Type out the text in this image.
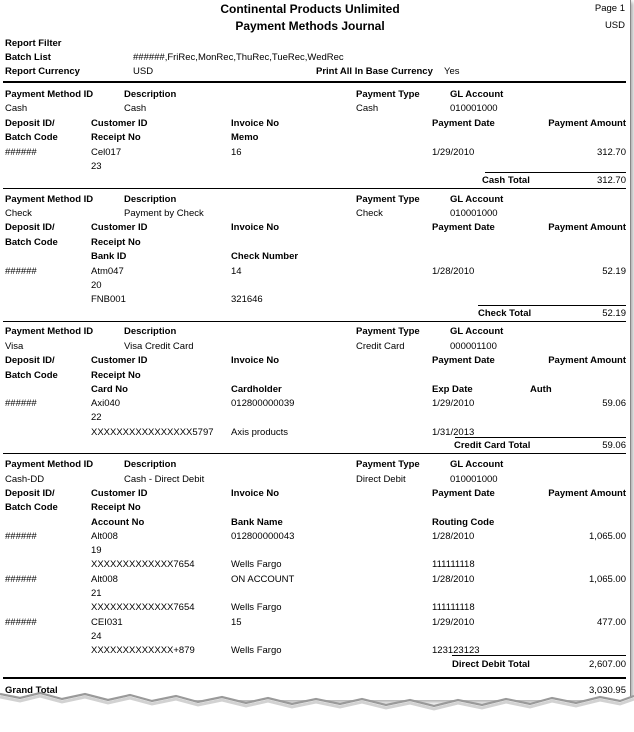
Continental Products Unlimited
Payment Methods Journal
Page 1
USD
Report Filter
Batch List	######,FriRec,MonRec,ThuRec,TueRec,WedRec
Report Currency	USD	Print All In Base Currency Yes
Payment Method ID	Description	Payment Type	GL Account
Cash	Cash	Cash	010001000
Deposit ID/	Customer ID	Invoice No	Payment Date	Payment Amount
Batch Code	Receipt No	Memo
######	Cel017	16	1/29/2010	312.70
23
Cash Total	312.70
Payment Method ID	Description	Payment Type	GL Account
Check	Payment by Check	Check	010001000
Deposit ID/	Customer ID	Invoice No	Payment Date	Payment Amount
Batch Code	Receipt No
Bank ID	Check Number
######	Atm047	14	1/28/2010	52.19
20
FNB001	321646
Check Total	52.19
Payment Method ID	Description	Payment Type	GL Account
Visa	Visa Credit Card	Credit Card	000001100
Deposit ID/	Customer ID	Invoice No	Payment Date	Payment Amount
Batch Code	Receipt No
Card No	Cardholder	Exp Date	Auth
######	Axi040	012800000039	1/29/2010	59.06
22
XXXXXXXXXXXXXXXX5797 Axis products	1/31/2013
Credit Card Total	59.06
Payment Method ID	Description	Payment Type	GL Account
Cash-DD	Cash - Direct Debit	Direct Debit	010001000
Deposit ID/	Customer ID	Invoice No	Payment Date	Payment Amount
Batch Code	Receipt No
Account No	Bank Name	Routing Code
######	Alt008	012800000043	1/28/2010	1,065.00
19
XXXXXXXXXXXXX7654	Wells Fargo	111111118
######	Alt008	ON ACCOUNT	1/28/2010	1,065.00
21
XXXXXXXXXXXXX7654	Wells Fargo	111111118
######	CEI031	15	1/29/2010	477.00
24
XXXXXXXXXXXXX+879	Wells Fargo	123123123
Direct Debit Total	2,607.00
Grand Total	3,030.95
